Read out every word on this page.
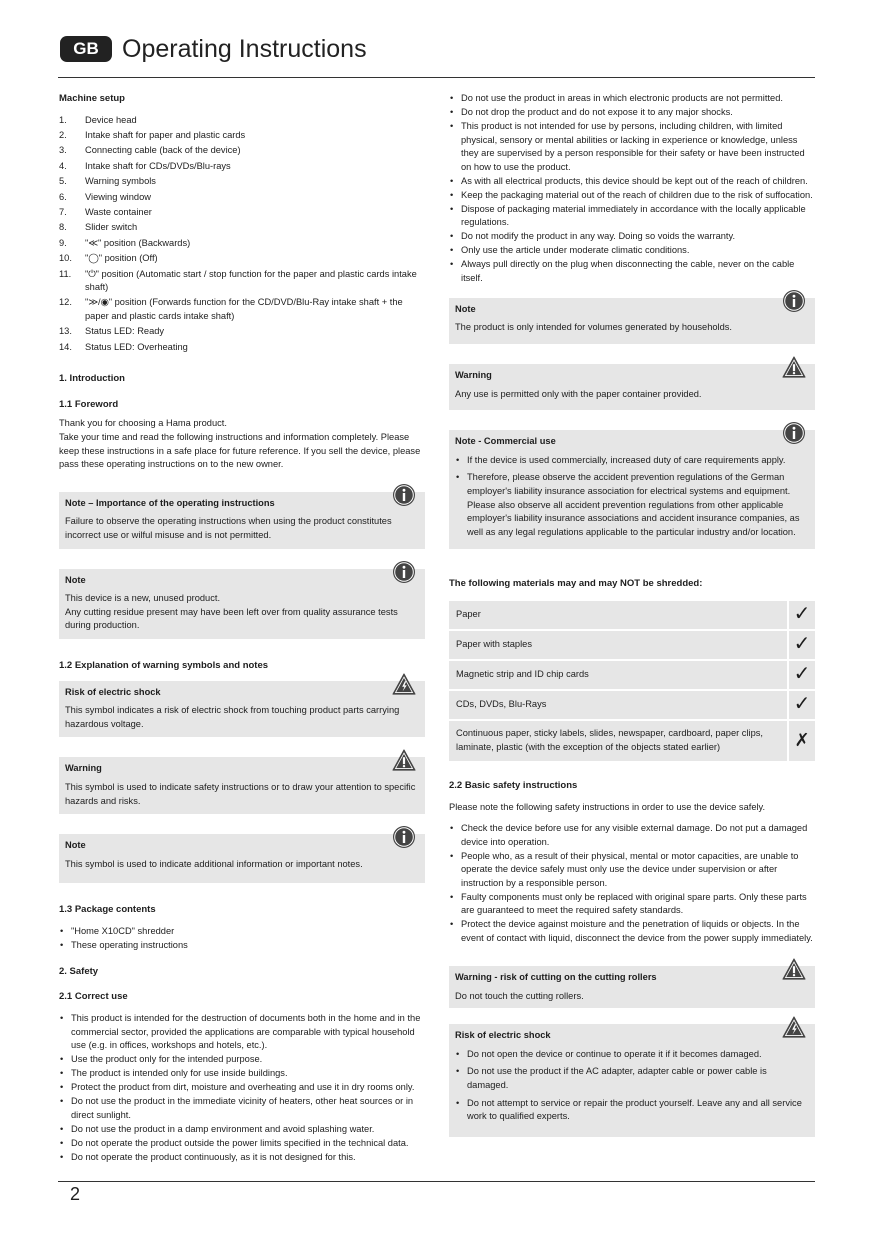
GB Operating Instructions
Machine setup
1.	Device head
2.	Intake shaft for paper and plastic cards
3.	Connecting cable (back of the device)
4.	Intake shaft for CDs/DVDs/Blu-rays
5.	Warning symbols
6.	Viewing window
7.	Waste container
8.	Slider switch
9.	"≪" position (Backwards)
10.	"◯" position (Off)
11.	"⏻" position (Automatic start / stop function for the paper and plastic cards intake shaft)
12.	"≫/◉" position (Forwards function for the CD/DVD/Blu-Ray intake shaft + the paper and plastic cards intake shaft)
13.	Status LED: Ready
14.	Status LED: Overheating
1. Introduction
1.1 Foreword

Thank you for choosing a Hama product.
Take your time and read the following instructions and information completely. Please keep these instructions in a safe place for future reference. If you sell the device, please pass these operating instructions on to the new owner.

Note – Importance of the operating instructions

Failure to observe the operating instructions when using the product constitutes incorrect use or wilful misuse and is not permitted.

Note

This device is a new, unused product.
Any cutting residue present may have been left over from quality assurance tests during production.

1.2 Explanation of warning symbols and notes
Risk of electric shock

This symbol indicates a risk of electric shock from touching product parts carrying hazardous voltage.

Warning

This symbol is used to indicate safety instructions or to draw your attention to specific hazards and risks.

Note

This symbol is used to indicate additional information or important notes.

1.3 Package contents
• "Home X10CD" shredder
• These operating instructions
2. Safety
2.1 Correct use
• This product is intended for the destruction of documents both in the home and in the commercial sector, provided the applications are comparable with typical household use (e.g. in offices, workshops and hotels, etc.).
• Use the product only for the intended purpose.
• The product is intended only for use inside buildings.
• Protect the product from dirt, moisture and overheating and use it in dry rooms only.
• Do not use the product in the immediate vicinity of heaters, other heat sources or in direct sunlight.
• Do not use the product in a damp environment and avoid splashing water.
• Do not operate the product outside the power limits specified in the technical data.
• Do not operate the product continuously, as it is not designed for this.
• Do not use the product in areas in which electronic products are not permitted.
• Do not drop the product and do not expose it to any major shocks.
• This product is not intended for use by persons, including children, with limited physical, sensory or mental abilities or lacking in experience or knowledge, unless they are supervised by a person responsible for their safety or have been instructed on how to use the product.
• As with all electrical products, this device should be kept out of the reach of children.
• Keep the packaging material out of the reach of children due to the risk of suffocation.
• Dispose of packaging material immediately in accordance with the locally applicable regulations.
• Do not modify the product in any way. Doing so voids the warranty.
• Only use the article under moderate climatic conditions.
• Always pull directly on the plug when disconnecting the cable, never on the cable itself.
Note

The product is only intended for volumes generated by households.

Warning

Any use is permitted only with the paper container provided.

Note - Commercial use
• If the device is used commercially, increased duty of care requirements apply.
• Therefore, please observe the accident prevention regulations of the German employer's liability insurance association for electrical systems and equipment. Please also observe all accident prevention regulations from other applicable employer's liability insurance associations and accident insurance companies, as well as any legal regulations applicable to the particular industry and/or location.
The following materials may and may NOT be shredded:
Paper	✓
Paper with staples	✓
Magnetic strip and ID chip cards	✓
CDs, DVDs, Blu-Rays	✓
Continuous paper, sticky labels, slides, newspaper, cardboard, paper clips, laminate, plastic (with the exception of the objects stated earlier)	✗
2.2 Basic safety instructions

Please note the following safety instructions in order to use the device safely.

• Check the device before use for any visible external damage. Do not put a damaged device into operation.
• People who, as a result of their physical, mental or motor capacities, are unable to operate the device safely must only use the device under supervision or after instruction by a responsible person.
• Faulty components must only be replaced with original spare parts. Only these parts are guaranteed to meet the required safety standards.
• Protect the device against moisture and the penetration of liquids or objects. In the event of contact with liquid, disconnect the device from the power supply immediately.
Warning - risk of cutting on the cutting rollers

Do not touch the cutting rollers.

Risk of electric shock
• Do not open the device or continue to operate it if it becomes damaged.
• Do not use the product if the AC adapter, adapter cable or power cable is damaged.
• Do not attempt to service or repair the product yourself. Leave any and all service work to qualified experts.
2
